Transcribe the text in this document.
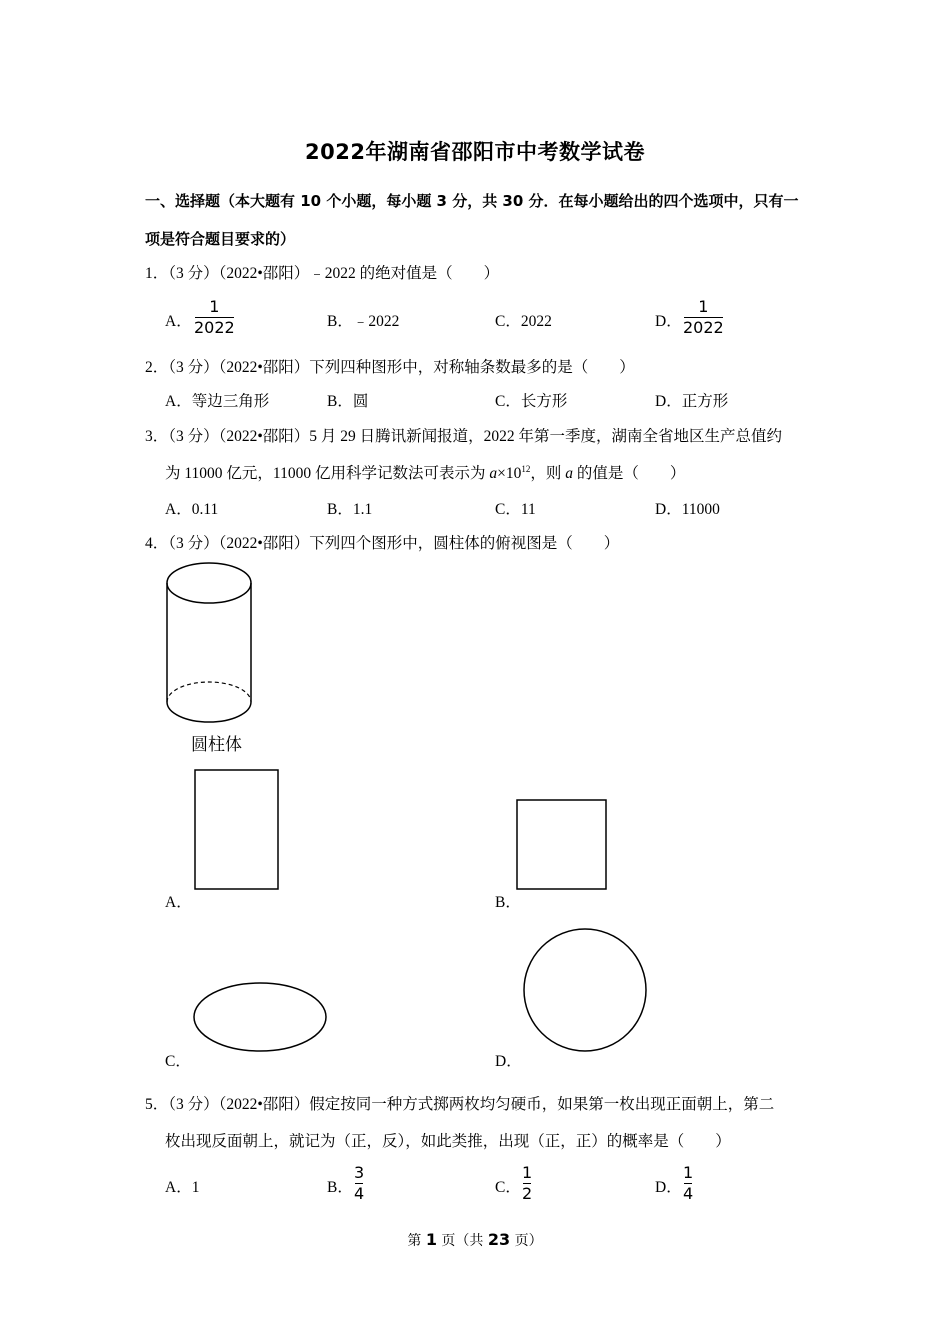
2022年湖南省邵阳市中考数学试卷
一、选择题（本大题有 10 个小题，每小题 3 分，共 30 分．在每小题给出的四个选项中，只有一
项是符合题目要求的）
1．（3 分）（2022•邵阳）﹣2022 的绝对值是（　　）
A．
1
2022	B．﹣2022	C．2022	D．
1
2022
2．（3 分）（2022•邵阳）下列四种图形中，对称轴条数最多的是（　　）
A．等边三角形	B．圆	C．长方形	D．正方形
3．（3 分）（2022•邵阳）5 月 29 日腾讯新闻报道，2022 年第一季度，湖南全省地区生产总值约
为 11000 亿元，11000 亿用科学记数法可表示为 $a\times 10^{12}$，则 a 的值是（　　）
A．0.11	B．1.1	C．11	D．11000
4．（3 分）（2022•邵阳）下列四个图形中，圆柱体的俯视图是（　　）
圆柱体
A．	B．
C．	D．
5．（3 分）（2022•邵阳）假定按同一种方式掷两枚均匀硬币，如果第一枚出现正面朝上，第二
枚出现反面朝上，就记为（正，反），如此类推，出现（正，正）的概率是（　　）
A．1	B．
3
4	C．
1
2	D．
1
4
第 1 页（共 23 页）
